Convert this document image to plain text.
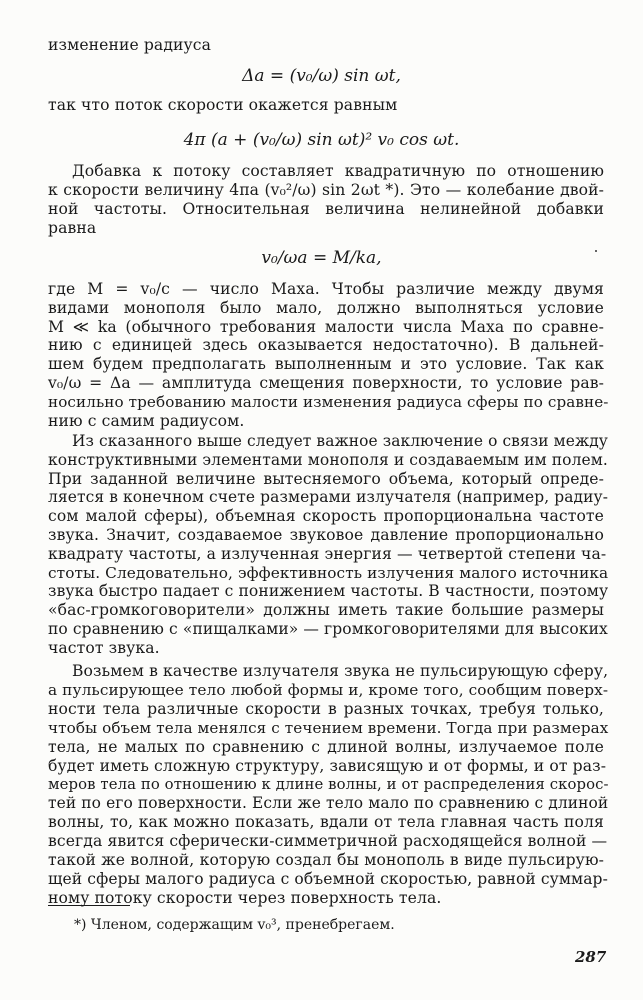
изменение радиуса
Δa = (v₀/ω) sin ωt,
так что поток скорости окажется равным
4π (a + (v₀/ω) sin ωt)² v₀ cos ωt.
Добавка к потоку составляет квадратичную по отношению
к скорости величину 4πa (v₀²/ω) sin 2ωt *). Это — колебание двой-
ной частоты. Относительная величина нелинейной добавки
равна
v₀/ωa = M/ka,
где M = v₀/c — число Маха. Чтобы различие между двумя
видами монополя было мало, должно выполняться условие
M ≪ ka (обычного требования малости числа Маха по сравне-
нию с единицей здесь оказывается недостаточно). В дальней-
шем будем предполагать выполненным и это условие. Так как
v₀/ω = Δa — амплитуда смещения поверхности, то условие рав-
носильно требованию малости изменения радиуса сферы по сравне-
нию с самим радиусом.
Из сказанного выше следует важное заключение о связи между
конструктивными элементами монополя и создаваемым им полем.
При заданной величине вытесняемого объема, который опреде-
ляется в конечном счете размерами излучателя (например, радиу-
сом малой сферы), объемная скорость пропорциональна частоте
звука. Значит, создаваемое звуковое давление пропорционально
квадрату частоты, а излученная энергия — четвертой степени ча-
стоты. Следовательно, эффективность излучения малого источника
звука быстро падает с понижением частоты. В частности, поэтому
«бас-громкоговорители» должны иметь такие большие размеры
по сравнению с «пищалками» — громкоговорителями для высоких
частот звука.
Возьмем в качестве излучателя звука не пульсирующую сферу,
а пульсирующее тело любой формы и, кроме того, сообщим поверх-
ности тела различные скорости в разных точках, требуя только,
чтобы объем тела менялся с течением времени. Тогда при размерах
тела, не малых по сравнению с длиной волны, излучаемое поле
будет иметь сложную структуру, зависящую и от формы, и от раз-
меров тела по отношению к длине волны, и от распределения скорос-
тей по его поверхности. Если же тело мало по сравнению с длиной
волны, то, как можно показать, вдали от тела главная часть поля
всегда явится сферически-симметричной расходящейся волной —
такой же волной, которую создал бы монополь в виде пульсирую-
щей сферы малого радиуса с объемной скоростью, равной суммар-
ному потоку скорости через поверхность тела.
*) Членом, содержащим v₀³, пренебрегаем.
287
